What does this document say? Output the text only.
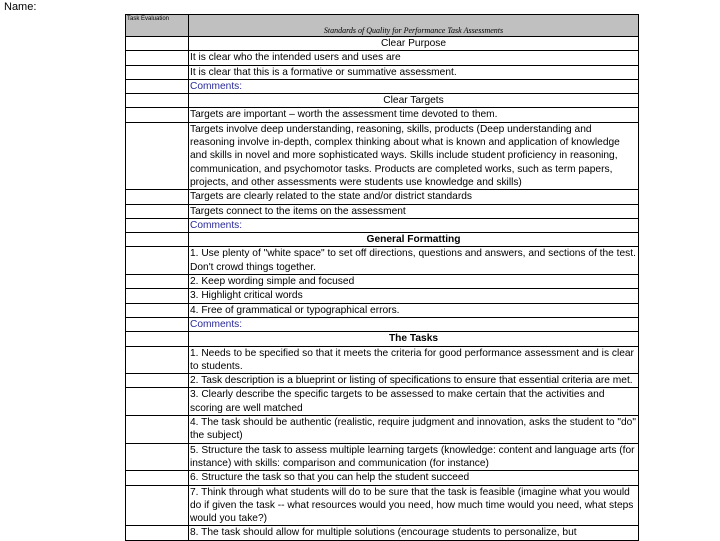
Name:
Task Evaluation	Standards of Quality for Performance Task Assessments
	Clear Purpose
	It is clear who the intended users and uses are
	It is clear that this is a formative or summative assessment.
	Comments:
	Clear Targets
	Targets are important – worth the assessment time devoted to them.
	Targets involve deep understanding, reasoning, skills, products (Deep understanding and reasoning involve in-depth, complex thinking about what is known and application of knowledge and skills in novel and more sophisticated ways. Skills include student proficiency in reasoning, communication, and psychomotor tasks. Products are completed works, such as term papers, projects, and other assessments were students use knowledge and skills)
	Targets are clearly related to the state and/or district standards
	Targets connect to the items on the assessment
	Comments:
	General Formatting
	1. Use plenty of "white space" to set off directions, questions and answers, and sections of the test. Don't crowd things together.
	2. Keep wording simple and focused
	3. Highlight critical words
	4. Free of grammatical or typographical errors.
	Comments:
	The Tasks
	1. Needs to be specified so that it meets the criteria for good performance assessment and is clear to students.
	2. Task description is a blueprint or listing of specifications to ensure that essential criteria are met.
	3. Clearly describe the specific targets to be assessed to make certain that the activities and scoring are well matched
	4. The task should be authentic (realistic, require judgment and innovation, asks the student to "do" the subject)
	5. Structure the task to assess multiple learning targets (knowledge: content and language arts (for instance) with skills: comparison and communication (for instance)
	6. Structure the task so that you can help the student succeed
	7. Think through what students will do to be sure that the task is feasible (imagine what you would do if given the task -- what resources would you need, how much time would you need, what steps would you take?)
	8. The task should allow for multiple solutions (encourage students to personalize, but
